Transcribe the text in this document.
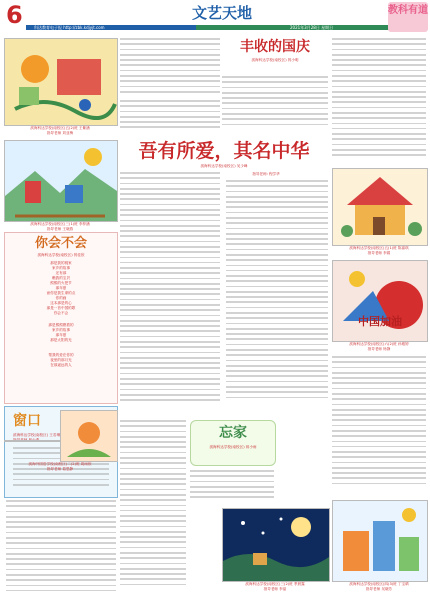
6	科达教育电子报 http://zbk.kdjyjt.com
文艺天地
2021年3月28日 星期日
教科有道
滨海科达学校(南校区)五(2)班 王紫涵
指导老师 刘亚梅
滨海科达学校(南校区)三(1)班 李梓涵
指导老师 王晓燕
你会不会
滨海科达学校(南校区) 郭佳欣
那是我的桃家
家乡的故事
还有那
瞧我的宝贝
熊熊的火把节
那年夏
而你是我生命的点
你的画
这本那是的心
那是一首中国的歌
你会不会
那是熊熊燃着的
家乡的故事
那年夏
那是太阳的光
帮我的爱在你的
夜里的那月光
在那遥远的人
窗口
滨海科达学校(南校区) 王若琳
指导老师 林小燕
滨海外国语学校(南校区)二(2)班 周雨欣
指导老师 葛思静
丰收的国庆
滨海科达学校(南校区) 郭小明
吾有所爱，其名中华
滨海科达学校(南校区) 吴少峰
指导老师: 程学华
忘家
滨海科达学校(南校区) 蒋小雨
滨海科达学校(南校区)三(2)班 季晨露
指导老师 李晶
滨海科达学校(南校区)五(1)班 陈嘉琪
指导老师 李娟
中国加油
滨海科达学校(南校区)六(2)班 孙雅婷
指导老师 杨静
滨海科达学校(南校区)四(3)班 丁宝晴
指导老师 吴晓芳
